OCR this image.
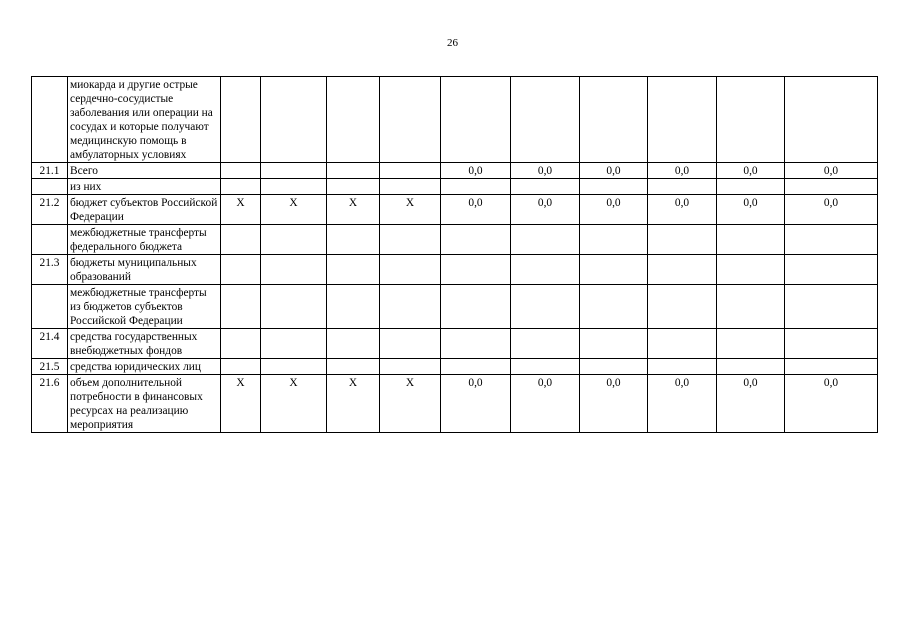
26
	миокарда и другие острые сердечно-сосудистые заболевания или операции на сосудах и которые получают медицинскую помощь в амбулаторных условиях										
21.1	Всего					0,0	0,0	0,0	0,0	0,0	0,0
	из них										
21.2	бюджет субъектов Российской Федерации	X	X	X	X	0,0	0,0	0,0	0,0	0,0	0,0
	межбюджетные трансферты федерального бюджета										
21.3	бюджеты муниципальных образований										
	межбюджетные трансферты из бюджетов субъектов Российской Федерации										
21.4	средства государственных внебюджетных фондов										
21.5	средства юридических лиц										
21.6	объем дополнительной потребности в финансовых ресурсах на реализацию мероприятия	X	X	X	X	0,0	0,0	0,0	0,0	0,0	0,0
